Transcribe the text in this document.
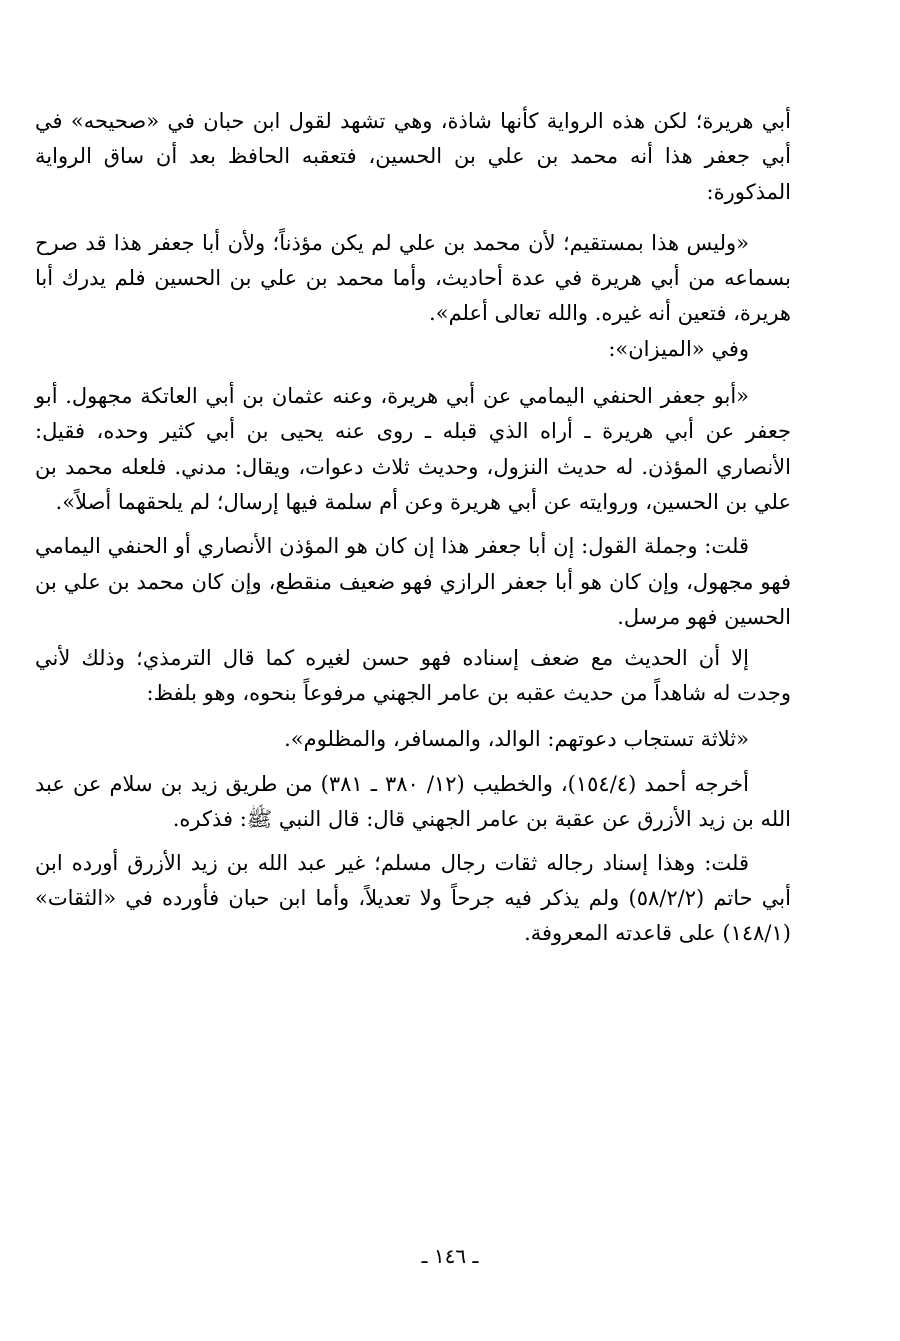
أبي هريرة؛ لكن هذه الرواية كأنها شاذة، وهي تشهد لقول ابن حبان في «صحيحه» في أبي جعفر هذا أنه محمد بن علي بن الحسين، فتعقبه الحافظ بعد أن ساق الرواية المذكورة:

«وليس هذا بمستقيم؛ لأن محمد بن علي لم يكن مؤذناً؛ ولأن أبا جعفر هذا قد صرح بسماعه من أبي هريرة في عدة أحاديث، وأما محمد بن علي بن الحسين فلم يدرك أبا هريرة، فتعين أنه غيره. والله تعالى أعلم».

وفي «الميزان»:

«أبو جعفر الحنفي اليمامي عن أبي هريرة، وعنه عثمان بن أبي العاتكة مجهول. أبو جعفر عن أبي هريرة ـ أراه الذي قبله ـ روى عنه يحيى بن أبي كثير وحده، فقيل: الأنصاري المؤذن. له حديث النزول، وحديث ثلاث دعوات، ويقال: مدني. فلعله محمد بن علي بن الحسين، وروايته عن أبي هريرة وعن أم سلمة فيها إرسال؛ لم يلحقهما أصلاً».

قلت: وجملة القول: إن أبا جعفر هذا إن كان هو المؤذن الأنصاري أو الحنفي اليمامي فهو مجهول، وإن كان هو أبا جعفر الرازي فهو ضعيف منقطع، وإن كان محمد بن علي بن الحسين فهو مرسل.

إلا أن الحديث مع ضعف إسناده فهو حسن لغيره كما قال الترمذي؛ وذلك لأني وجدت له شاهداً من حديث عقبه بن عامر الجهني مرفوعاً بنحوه، وهو بلفظ:

«ثلاثة تستجاب دعوتهم: الوالد، والمسافر، والمظلوم».

أخرجه أحمد (١٥٤/٤)، والخطيب (١٢/ ٣٨٠ ـ ٣٨١) من طريق زيد بن سلام عن عبد الله بن زيد الأزرق عن عقبة بن عامر الجهني قال: قال النبي ﷺ: فذكره.

قلت: وهذا إسناد رجاله ثقات رجال مسلم؛ غير عبد الله بن زيد الأزرق أورده ابن أبي حاتم (٥٨/٢/٢) ولم يذكر فيه جرحاً ولا تعديلاً، وأما ابن حبان فأورده في «الثقات» (١٤٨/١) على قاعدته المعروفة.

ـ ١٤٦ ـ
